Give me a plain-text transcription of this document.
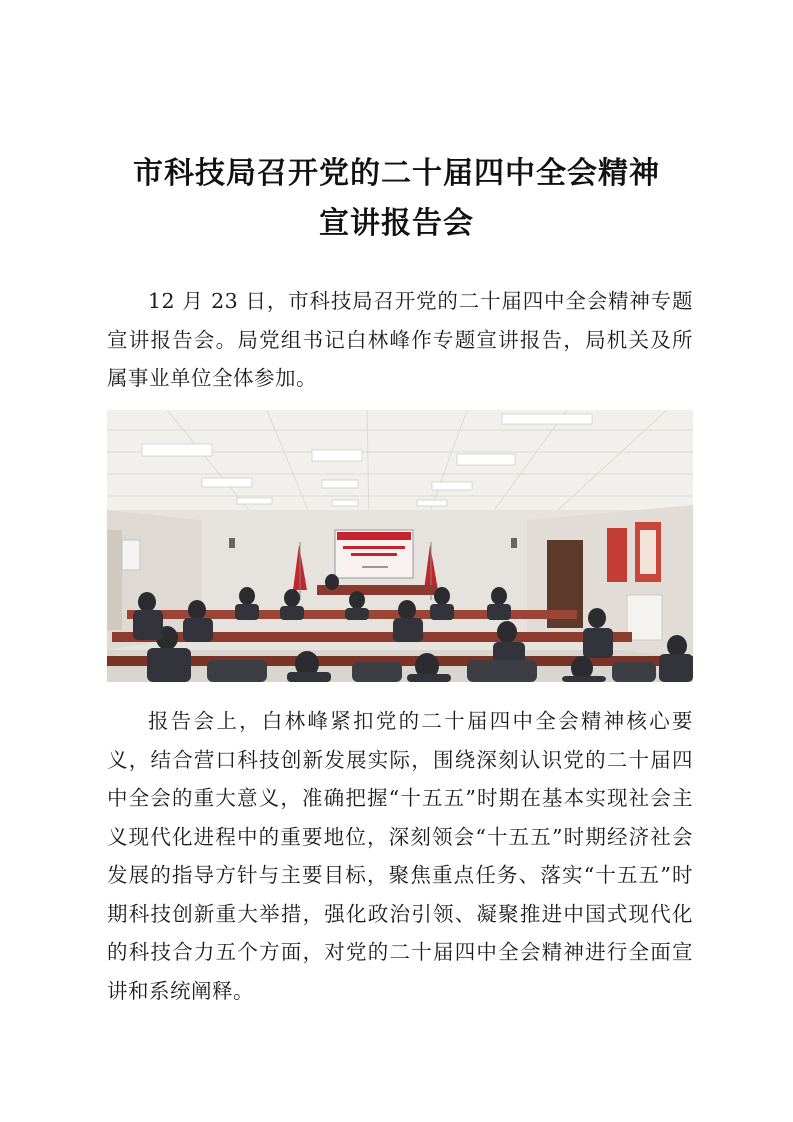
市科技局召开党的二十届四中全会精神
宣讲报告会

12 月 23 日，市科技局召开党的二十届四中全会精神专题宣讲报告会。局党组书记白林峰作专题宣讲报告，局机关及所属事业单位全体参加。

报告会上，白林峰紧扣党的二十届四中全会精神核心要义，结合营口科技创新发展实际，围绕深刻认识党的二十届四中全会的重大意义，准确把握“十五五”时期在基本实现社会主义现代化进程中的重要地位，深刻领会“十五五”时期经济社会发展的指导方针与主要目标，聚焦重点任务、落实“十五五”时期科技创新重大举措，强化政治引领、凝聚推进中国式现代化的科技合力五个方面，对党的二十届四中全会精神进行全面宣讲和系统阐释。
